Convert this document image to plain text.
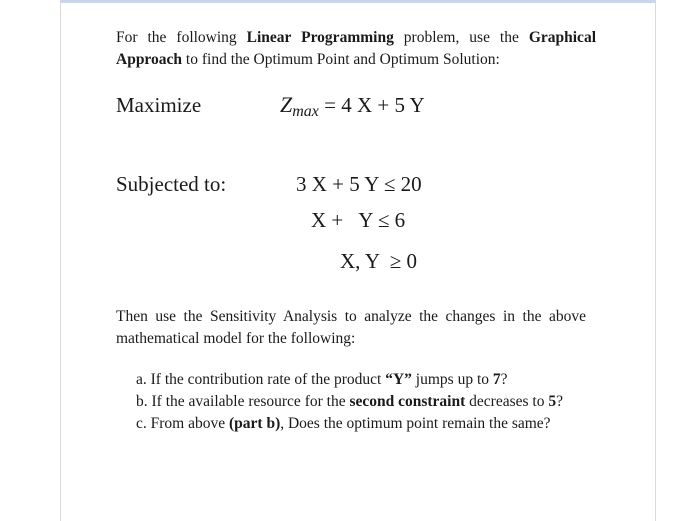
For the following Linear Programming problem, use the Graphical Approach to find the Optimum Point and Optimum Solution:
Maximize	Zmax = 4 X + 5 Y
Subjected to:	3 X + 5 Y ≤ 20
X +   Y ≤ 6
X, Y  ≥ 0
Then use the Sensitivity Analysis to analyze the changes in the above mathematical model for the following:
a. If the contribution rate of the product “Y” jumps up to 7?
b. If the available resource for the second constraint decreases to 5?
c. From above (part b), Does the optimum point remain the same?
